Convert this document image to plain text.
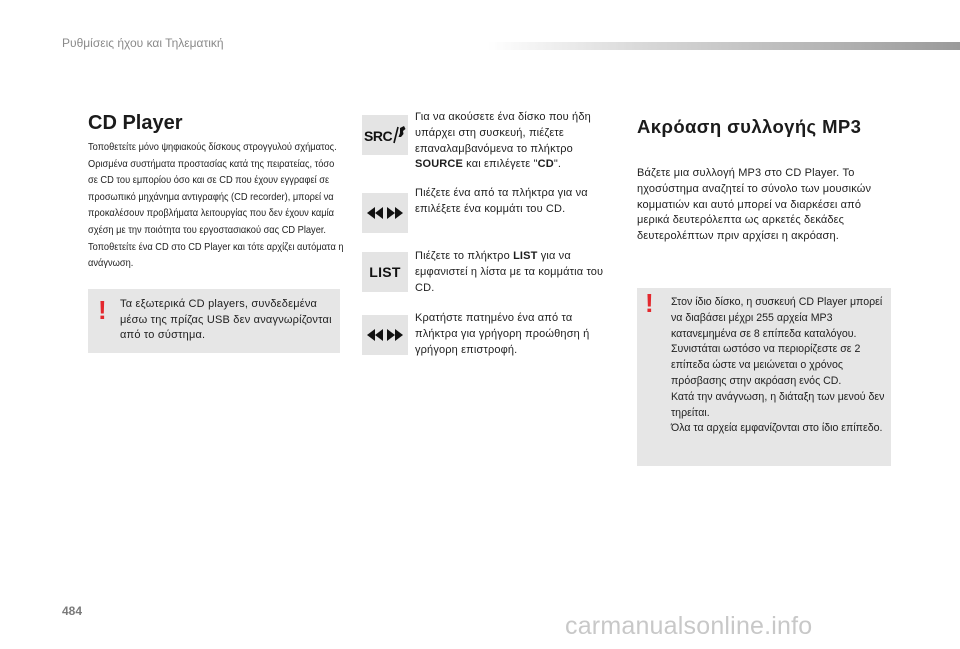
Ρυθμίσεις ήχου και Τηλεματική
CD Player

Τοποθετείτε μόνο ψηφιακούς δίσκους στρογγυλού σχήματος.

Ορισμένα συστήματα προστασίας κατά της πειρατείας, τόσο σε CD του εμπορίου όσο και σε CD που έχουν εγγραφεί σε προσωπικό μηχάνημα αντιγραφής (CD recorder), μπορεί να προκαλέσουν προβλήματα λειτουργίας που δεν έχουν καμία σχέση με την ποιότητα του εργοστασιακού σας CD Player.

Τοποθετείτε ένα CD στο CD Player και τότε αρχίζει αυτόματα η ανάγνωση.

! Τα εξωτερικά CD players, συνδεδεμένα μέσω της πρίζας USB δεν αναγνωρίζονται από το σύστημα.
SRC
Για να ακούσετε ένα δίσκο που ήδη υπάρχει στη συσκευή, πιέζετε επαναλαμβανόμενα το πλήκτρο SOURCE και επιλέγετε "CD".
Πιέζετε ένα από τα πλήκτρα για να επιλέξετε ένα κομμάτι του CD.
LIST
Πιέζετε το πλήκτρο LIST για να εμφανιστεί η λίστα με τα κομμάτια του CD.
Κρατήστε πατημένο ένα από τα πλήκτρα για γρήγορη προώθηση ή γρήγορη επιστροφή.
Ακρόαση συλλογής MP3
Βάζετε μια συλλογή MP3 στο CD Player. Το ηχοσύστημα αναζητεί το σύνολο των μουσικών κομματιών και αυτό μπορεί να διαρκέσει από μερικά δευτερόλεπτα ως αρκετές δεκάδες δευτερολέπτων πριν αρχίσει η ακρόαση.
! Στον ίδιο δίσκο, η συσκευή CD Player μπορεί να διαβάσει μέχρι 255 αρχεία MP3 κατανεμημένα σε 8 επίπεδα καταλόγου.

Συνιστάται ωστόσο να περιορίζεστε σε 2 επίπεδα ώστε να μειώνεται ο χρόνος πρόσβασης στην ακρόαση ενός CD.

Κατά την ανάγνωση, η διάταξη των μενού δεν τηρείται.

Όλα τα αρχεία εμφανίζονται στο ίδιο επίπεδο.

484
carmanualsonline.info
